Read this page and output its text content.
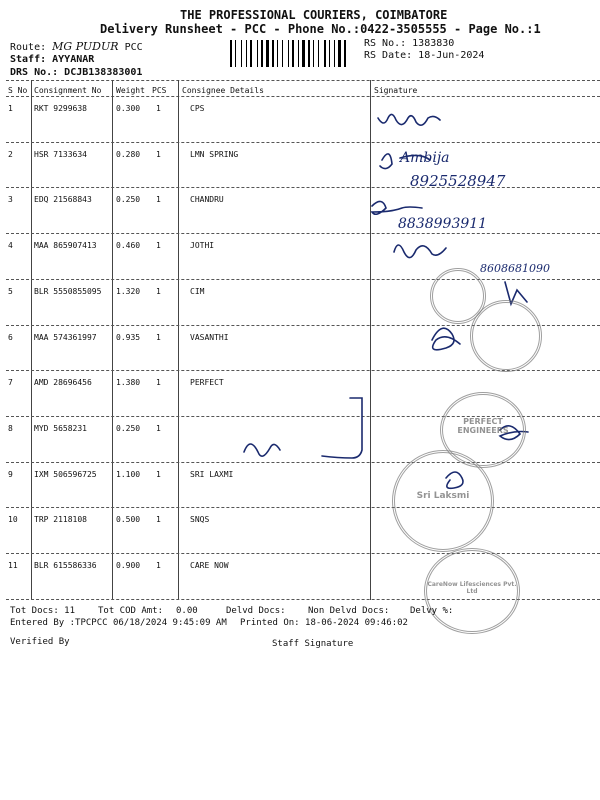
THE PROFESSIONAL COURIERS, COIMBATORE
Delivery Runsheet - PCC - Phone No.:0422-3505555 - Page No.:1
Route: MG PUDUR PCC
Staff: AYYANAR
DRS No.: DCJB138383001
RS No.: 1383830
RS Date: 18-Jun-2024
S No Consignment No Weight PCS Consignee Details	Signature
1	RKT 9299638	0.300 1	CPS
2	HSR 7133634	0.280 1	LMN SPRING
3	EDQ 21568843	0.250 1	CHANDRU
4	MAA 865907413 0.460 1	JOTHI
5	BLR 5550855095 1.320 1	CIM
6	MAA 574361997 0.935 1	VASANTHI
7	AMD 28696456	1.380 1	PERFECT
8	MYD 5658231	0.250 1
9	IXM 506596725 1.100 1	SRI LAXMI
10 TRP 2118108	0.500 1	SNQS
11 BLR 615586336 0.900 1	CARE NOW
Ambija
8925528947
8838993911
8608681090
PERFECT ENGINEERS
Sri Laksmi
CareNow Lifesciences Pvt. Ltd
Tot Docs: 11	Tot COD Amt: 0.00	Delvd Docs: Non Delvd Docs: Delvy %:
Entered By :TPCPCC 06/18/2024 9:45:09 AM Printed On: 18-06-2024 09:46:02
Verified By	Staff Signature
